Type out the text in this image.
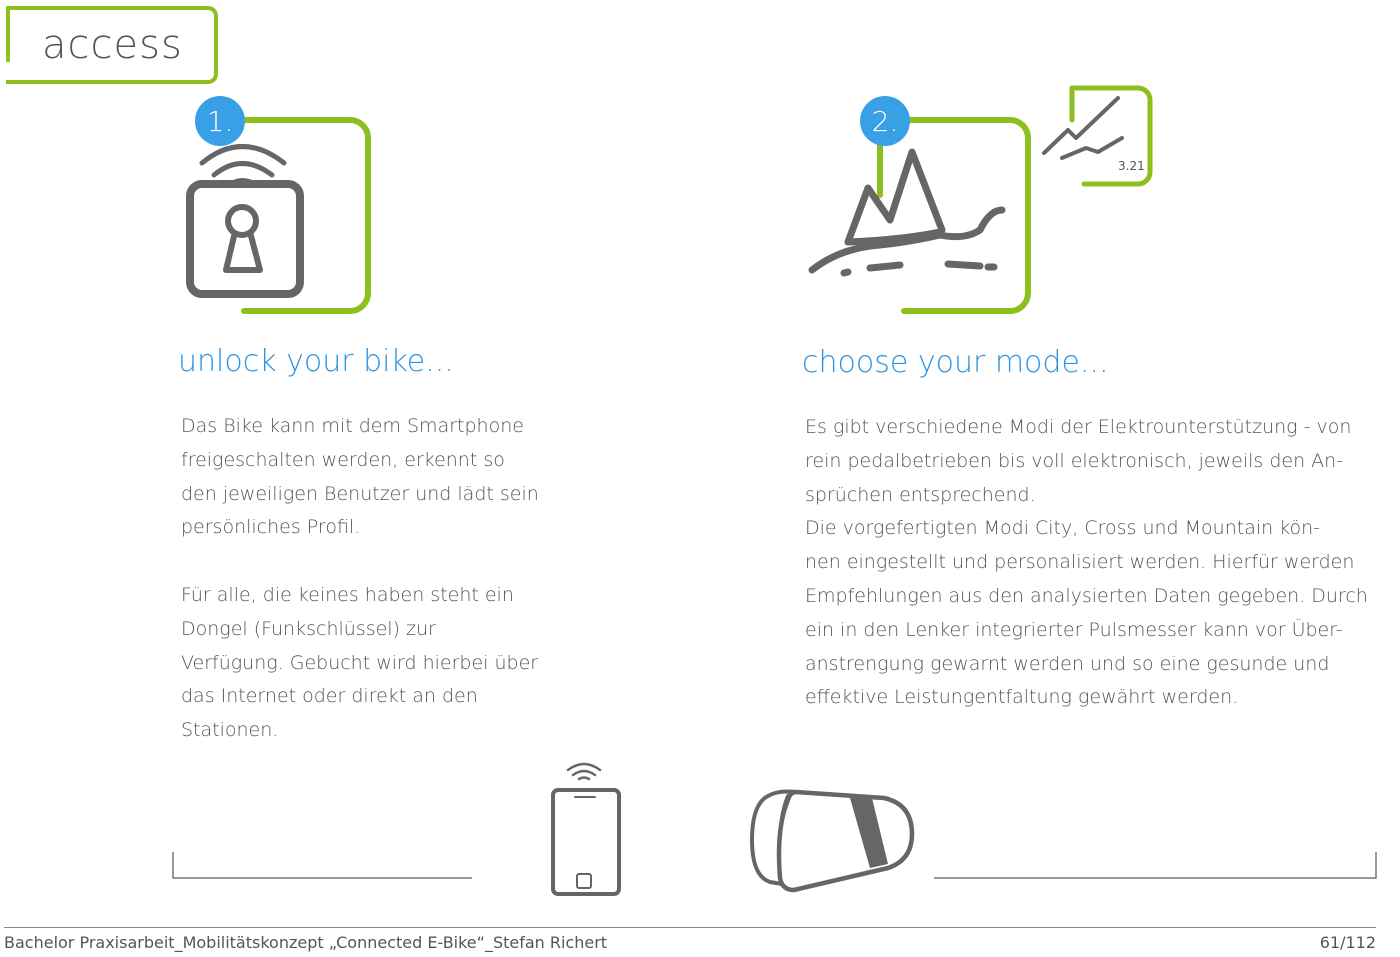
access
1.
unlock your bike...

Das Bike kann mit dem Smartphone
freigeschalten werden, erkennt so
den jeweiligen Benutzer und lädt sein
persönliches Profil.

Für alle, die keines haben steht ein
Dongel (Funkschlüssel) zur
Verfügung. Gebucht wird hierbei über
das Internet oder direkt an den
Stationen.

3.21
2.
choose your mode...

Es gibt verschiedene Modi der Elektrounterstützung - von
rein pedalbetrieben bis voll elektronisch, jeweils den An-
sprüchen entsprechend.
Die vorgefertigten Modi City, Cross und Mountain kön-
nen eingestellt und personalisiert werden. Hierfür werden
Empfehlungen aus den analysierten Daten gegeben. Durch
ein in den Lenker integrierter Pulsmesser kann vor Über-
anstrengung gewarnt werden und so eine gesunde und
effektive Leistungentfaltung gewährt werden.

Bachelor Praxisarbeit_Mobilitätskonzept „Connected E-Bike“_Stefan Richert	61/112
